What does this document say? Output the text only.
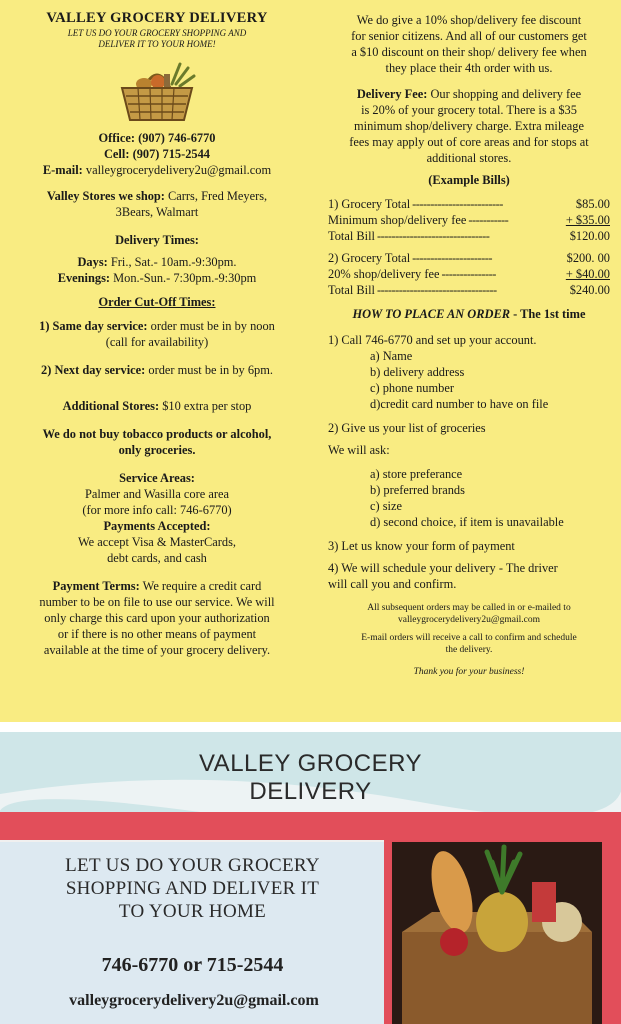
VALLEY GROCERY DELIVERY
LET US DO YOUR GROCERY SHOPPING AND
DELIVER IT TO YOUR HOME!
Office: (907) 746-6770
Cell: (907) 715-2544
E-mail: valleygrocerydelivery2u@gmail.com
Valley Stores we shop: Carrs, Fred Meyers,
3Bears, Walmart
Delivery Times:
Days: Fri., Sat.- 10am.-9:30pm.
Evenings: Mon.-Sun.- 7:30pm.-9:30pm
Order Cut-Off Times:
1) Same day service: order must be in by noon
(call for availability)
2) Next day service: order must be in by 6pm.
Additional Stores: $10 extra per stop
We do not buy tobacco products or alcohol,
only groceries.
Service Areas:
Palmer and Wasilla core area
(for more info call: 746-6770)
Payments Accepted:
We accept Visa & MasterCards,
debt cards, and cash
Payment Terms: We require a credit card
number to be on file to use our service. We will
only charge this card upon your authorization
or if there is no other means of payment
available at the time of your grocery delivery.
We do give a 10% shop/delivery fee discount
for senior citizens. And all of our customers get
a $10 discount on their shop/ delivery fee when
they place their 4th order with us.
Delivery Fee: Our shopping and delivery fee
is 20% of your grocery total. There is a $35
minimum shop/delivery charge. Extra mileage
fees may apply out of core areas and for stops at
additional stores.
(Example Bills)
1) Grocery Total -------------------------	$85.00
Minimum shop/delivery fee -----------	+ $35.00
Total Bill -------------------------------	$120.00
2) Grocery Total ----------------------	$200. 00
20% shop/delivery fee ---------------	+ $40.00
Total Bill ---------------------------------	$240.00
HOW TO PLACE AN ORDER - The 1st time
1) Call 746-6770 and set up your account.
a) Name
b) delivery address
c) phone number
d)credit card number to have on file
2) Give us your list of groceries
We will ask:
a) store preferance
b) preferred brands
c) size
d) second choice, if item is unavailable
3) Let us know your form of payment
4) We will schedule your delivery - The driver
will call you and confirm.
All subsequent orders may be called in or e-mailed to
valleygrocerydelivery2u@gmail.com
E-mail orders will receive a call to confirm and schedule
the delivery.
Thank you for your business!
VALLEY GROCERY
DELIVERY
LET US DO YOUR GROCERY
SHOPPING AND DELIVER IT
TO YOUR HOME
746-6770 or 715-2544
valleygrocerydelivery2u@gmail.com
